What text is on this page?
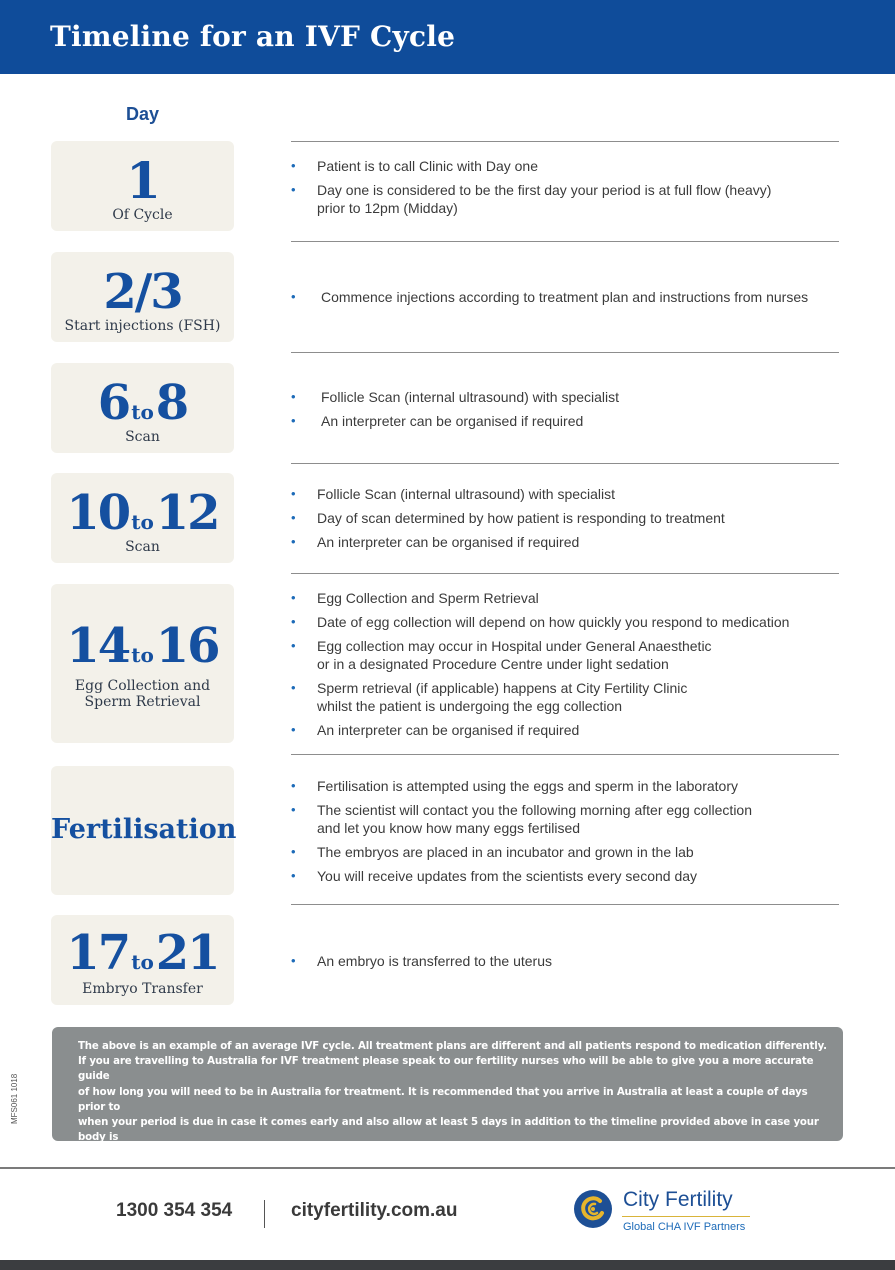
Timeline for an IVF Cycle
Day
1
Of Cycle
• Patient is to call Clinic with Day one
• Day one is considered to be the first day your period is at full flow (heavy)
prior to 12pm (Midday)
2/3
Start injections (FSH)
• Commence injections according to treatment plan and instructions from nurses
6 to8
Scan
• Follicle Scan (internal ultrasound) with specialist
• An interpreter can be organised if required
10 to12
Scan
• Follicle Scan (internal ultrasound) with specialist
• Day of scan determined by how patient is responding to treatment
• An interpreter can be organised if required
14 to16
Egg Collection and
Sperm Retrieval
• Egg Collection and Sperm Retrieval
• Date of egg collection will depend on how quickly you respond to medication
• Egg collection may occur in Hospital under General Anaesthetic
or in a designated Procedure Centre under light sedation
• Sperm retrieval (if applicable) happens at City Fertility Clinic
whilst the patient is undergoing the egg collection
• An interpreter can be organised if required
Fertilisation
• Fertilisation is attempted using the eggs and sperm in the laboratory
• The scientist will contact you the following morning after egg collection
and let you know how many eggs fertilised
• The embryos are placed in an incubator and grown in the lab
• You will receive updates from the scientists every second day
17 to21
Embryo Transfer
• An embryo is transferred to the uterus

The above is an example of an average IVF cycle. All treatment plans are different and all patients respond to medication differently.

If you are travelling to Australia for IVF treatment please speak to our fertility nurses who will be able to give you a more accurate guide

of how long you will need to be in Australia for treatment. It is recommended that you arrive in Australia at least a couple of days prior to

when your period is due in case it comes early and also allow at least 5 days in addition to the timeline provided above in case your body is

slow to respond to the Medication. City Fertility would highly recommend taking out the appropriate travel insurance in case you

have an adverse reaction to medication or you develop ovarian hyperstimulation syndrome.

MFS061 1018
1300 354 354	cityfertility.com.au	City Fertility
Global CHA IVF Partners
